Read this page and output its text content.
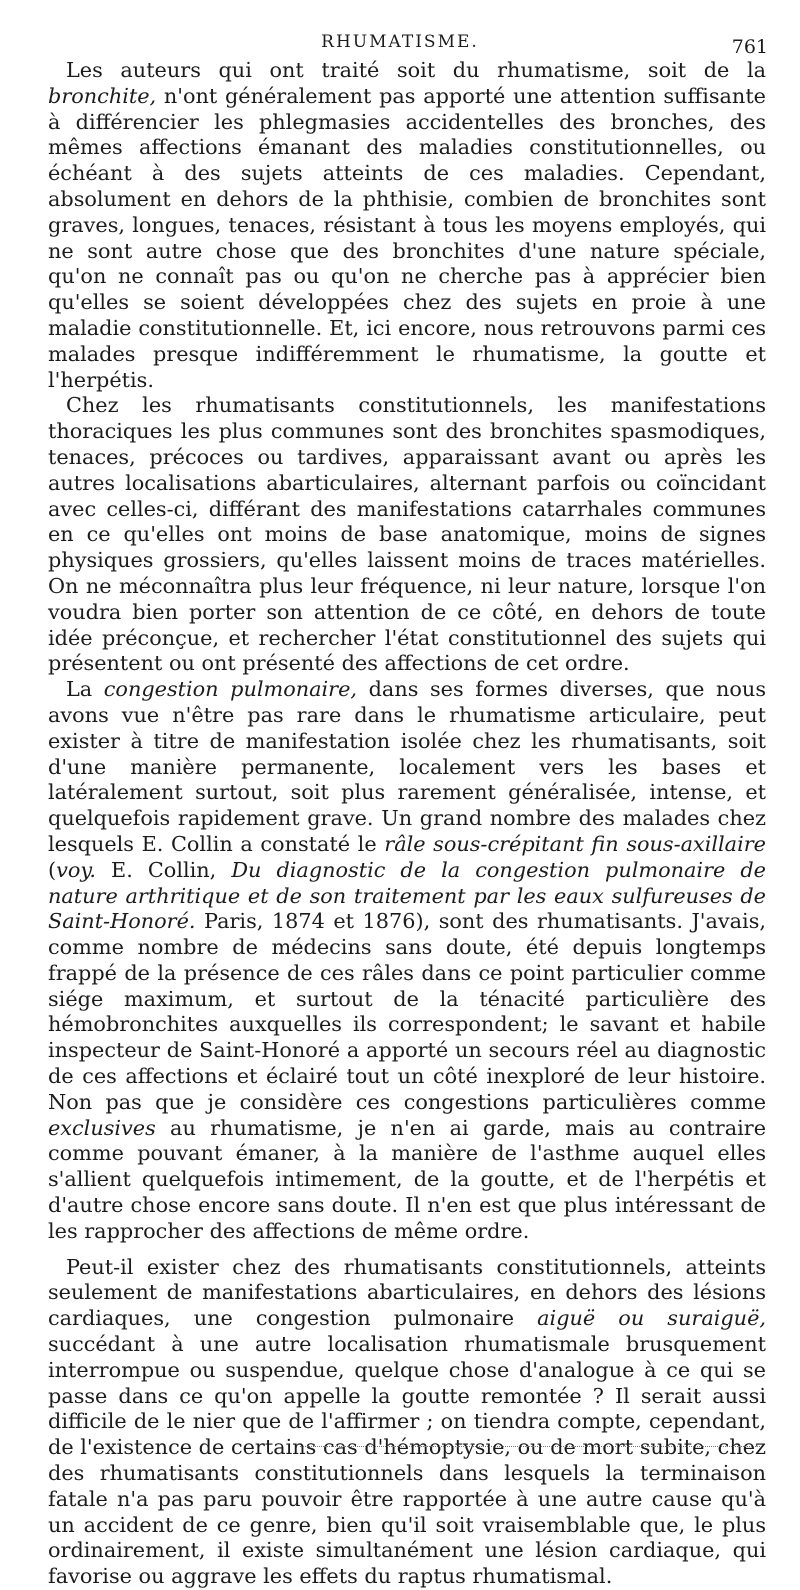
RHUMATISME.	761

Les auteurs qui ont traité soit du rhumatisme, soit de la bronchite, n'ont généralement pas apporté une attention suffisante à différencier les phlegmasies accidentelles des bronches, des mêmes affections émanant des maladies constitutionnelles, ou échéant à des sujets atteints de ces maladies. Cependant, absolument en dehors de la phthisie, combien de bronchites sont graves, longues, tenaces, résistant à tous les moyens employés, qui ne sont autre chose que des bronchites d'une nature spéciale, qu'on ne connaît pas ou qu'on ne cherche pas à apprécier bien qu'elles se soient développées chez des sujets en proie à une maladie constitutionnelle. Et, ici encore, nous retrouvons parmi ces malades presque indifféremment le rhumatisme, la goutte et l'herpétis.

Chez les rhumatisants constitutionnels, les manifestations thoraciques les plus communes sont des bronchites spasmodiques, tenaces, précoces ou tardives, apparaissant avant ou après les autres localisations abarticulaires, alternant parfois ou coïncidant avec celles-ci, différant des manifestations catarrhales communes en ce qu'elles ont moins de base anatomique, moins de signes physiques grossiers, qu'elles laissent moins de traces matérielles. On ne méconnaîtra plus leur fréquence, ni leur nature, lorsque l'on voudra bien porter son attention de ce côté, en dehors de toute idée préconçue, et rechercher l'état constitutionnel des sujets qui présentent ou ont présenté des affections de cet ordre.

La congestion pulmonaire, dans ses formes diverses, que nous avons vue n'être pas rare dans le rhumatisme articulaire, peut exister à titre de manifestation isolée chez les rhumatisants, soit d'une manière permanente, localement vers les bases et latéralement surtout, soit plus rarement généralisée, intense, et quelquefois rapidement grave. Un grand nombre des malades chez lesquels E. Collin a constaté le râle sous-crépitant fin sous-axillaire (voy. E. Collin, Du diagnostic de la congestion pulmonaire de nature arthritique et de son traitement par les eaux sulfureuses de Saint-Honoré. Paris, 1874 et 1876), sont des rhumatisants. J'avais, comme nombre de médecins sans doute, été depuis longtemps frappé de la présence de ces râles dans ce point particulier comme siége maximum, et surtout de la ténacité particulière des hémobronchites auxquelles ils correspondent; le savant et habile inspecteur de Saint-Honoré a apporté un secours réel au diagnostic de ces affections et éclairé tout un côté inexploré de leur histoire. Non pas que je considère ces congestions particulières comme exclusives au rhumatisme, je n'en ai garde, mais au contraire comme pouvant émaner, à la manière de l'asthme auquel elles s'allient quelquefois intimement, de la goutte, et de l'herpétis et d'autre chose encore sans doute. Il n'en est que plus intéressant de les rapprocher des affections de même ordre.

Peut-il exister chez des rhumatisants constitutionnels, atteints seulement de manifestations abarticulaires, en dehors des lésions cardiaques, une congestion pulmonaire aiguë ou suraiguë, succédant à une autre localisation rhumatismale brusquement interrompue ou suspendue, quelque chose d'analogue à ce qui se passe dans ce qu'on appelle la goutte remontée ? Il serait aussi difficile de le nier que de l'affirmer ; on tiendra compte, cependant, de l'existence de certains cas d'hémoptysie, ou de mort subite, chez des rhumatisants constitutionnels dans lesquels la terminaison fatale n'a pas paru pouvoir être rapportée à une autre cause qu'à un accident de ce genre, bien qu'il soit vraisemblable que, le plus ordinairement, il existe simultanément une lésion cardiaque, qui favorise ou aggrave les effets du raptus rhumatismal.
